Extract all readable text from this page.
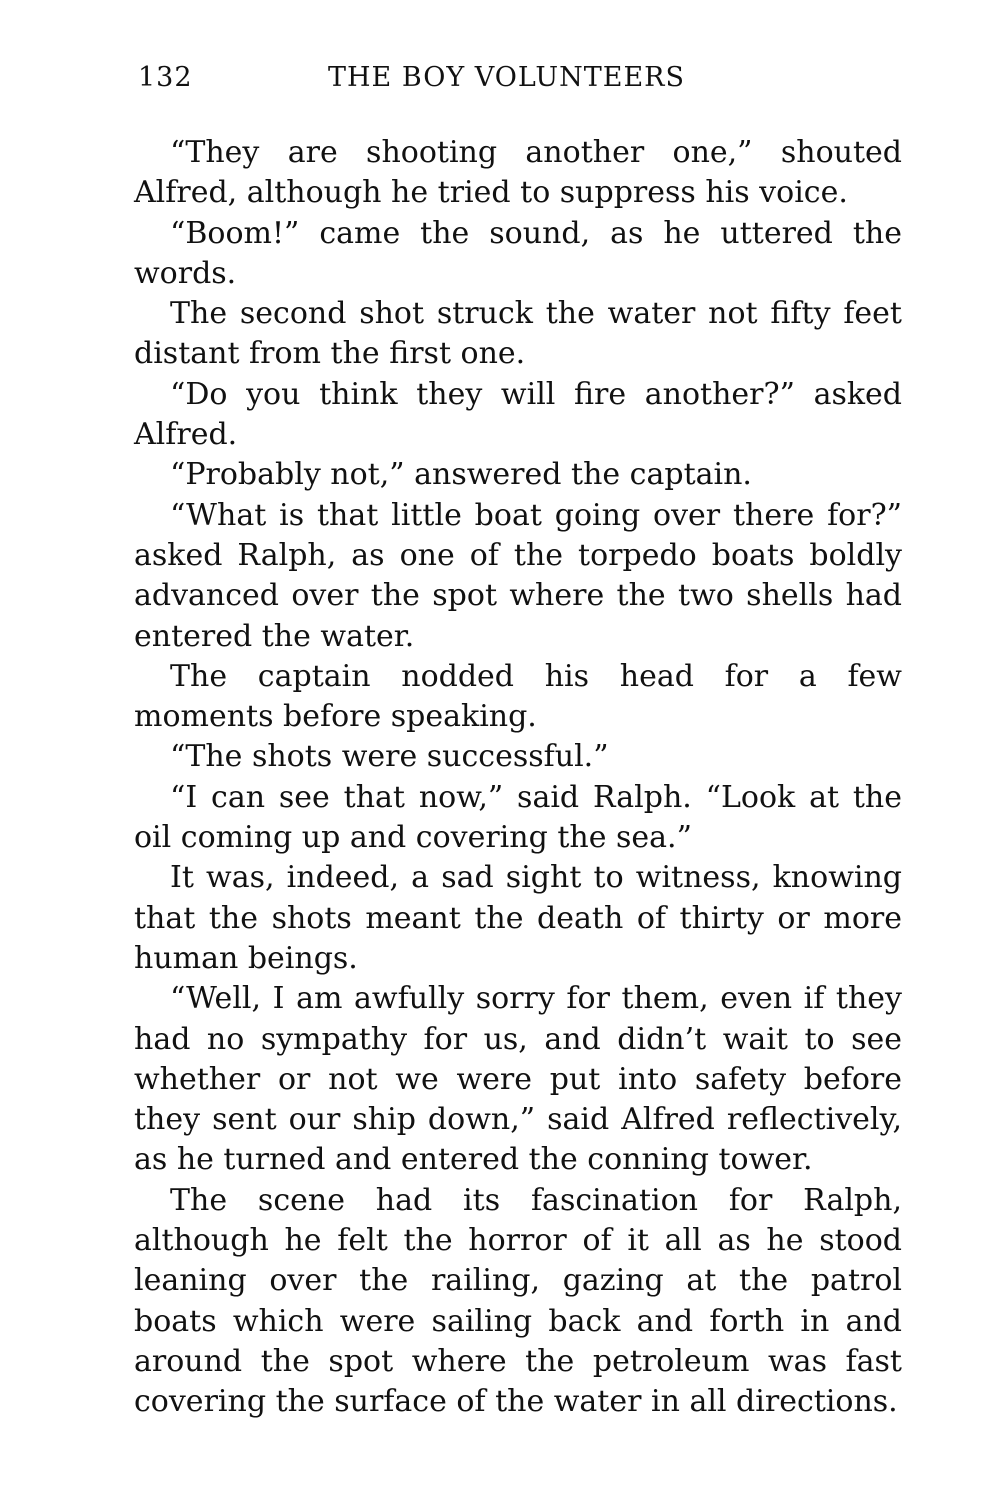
132	THE BOY VOLUNTEERS

“They are shooting another one,” shouted Alfred, although he tried to suppress his voice.

“Boom!” came the sound, as he uttered the words.

The second shot struck the water not fifty feet distant from the first one.

“Do you think they will fire another?” asked Alfred.

“Probably not,” answered the captain.

“What is that little boat going over there for?” asked Ralph, as one of the torpedo boats boldly advanced over the spot where the two shells had entered the water.

The captain nodded his head for a few moments before speaking.

“The shots were successful.”

“I can see that now,” said Ralph. “Look at the oil coming up and covering the sea.”

It was, indeed, a sad sight to witness, knowing that the shots meant the death of thirty or more human beings.

“Well, I am awfully sorry for them, even if they had no sympathy for us, and didn’t wait to see whether or not we were put into safety before they sent our ship down,” said Alfred reflectively, as he turned and entered the conning tower.

The scene had its fascination for Ralph, although he felt the horror of it all as he stood leaning over the railing, gazing at the patrol boats which were sailing back and forth in and around the spot where the petroleum was fast covering the surface of the water in all directions.
